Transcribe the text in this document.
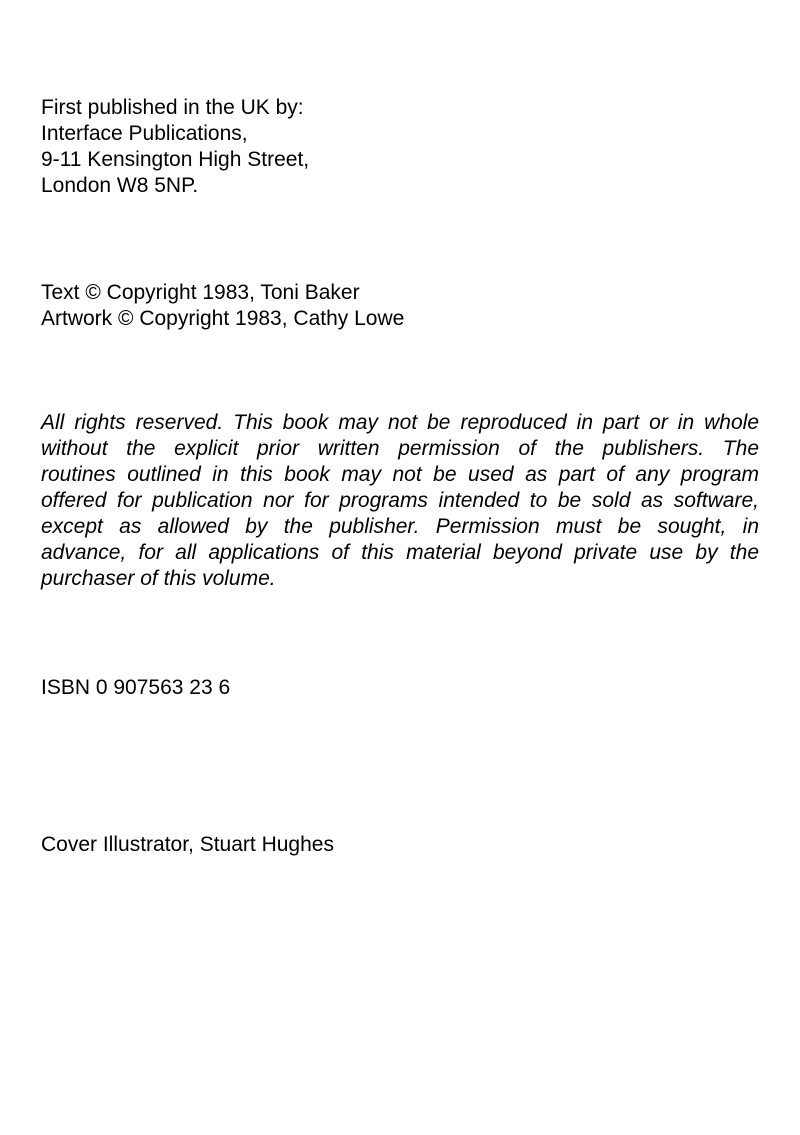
First published in the UK by:
Interface Publications,
9-11 Kensington High Street,
London W8 5NP.
Text © Copyright 1983, Toni Baker
Artwork © Copyright 1983, Cathy Lowe
All rights reserved. This book may not be reproduced in part or in whole
without the explicit prior written permission of the publishers. The
routines outlined in this book may not be used as part of any program
offered for publication nor for programs intended to be sold as software,
except as allowed by the publisher. Permission must be sought, in
advance, for all applications of this material beyond private use by the
purchaser of this volume.
ISBN 0 907563 23 6
Cover Illustrator, Stuart Hughes
